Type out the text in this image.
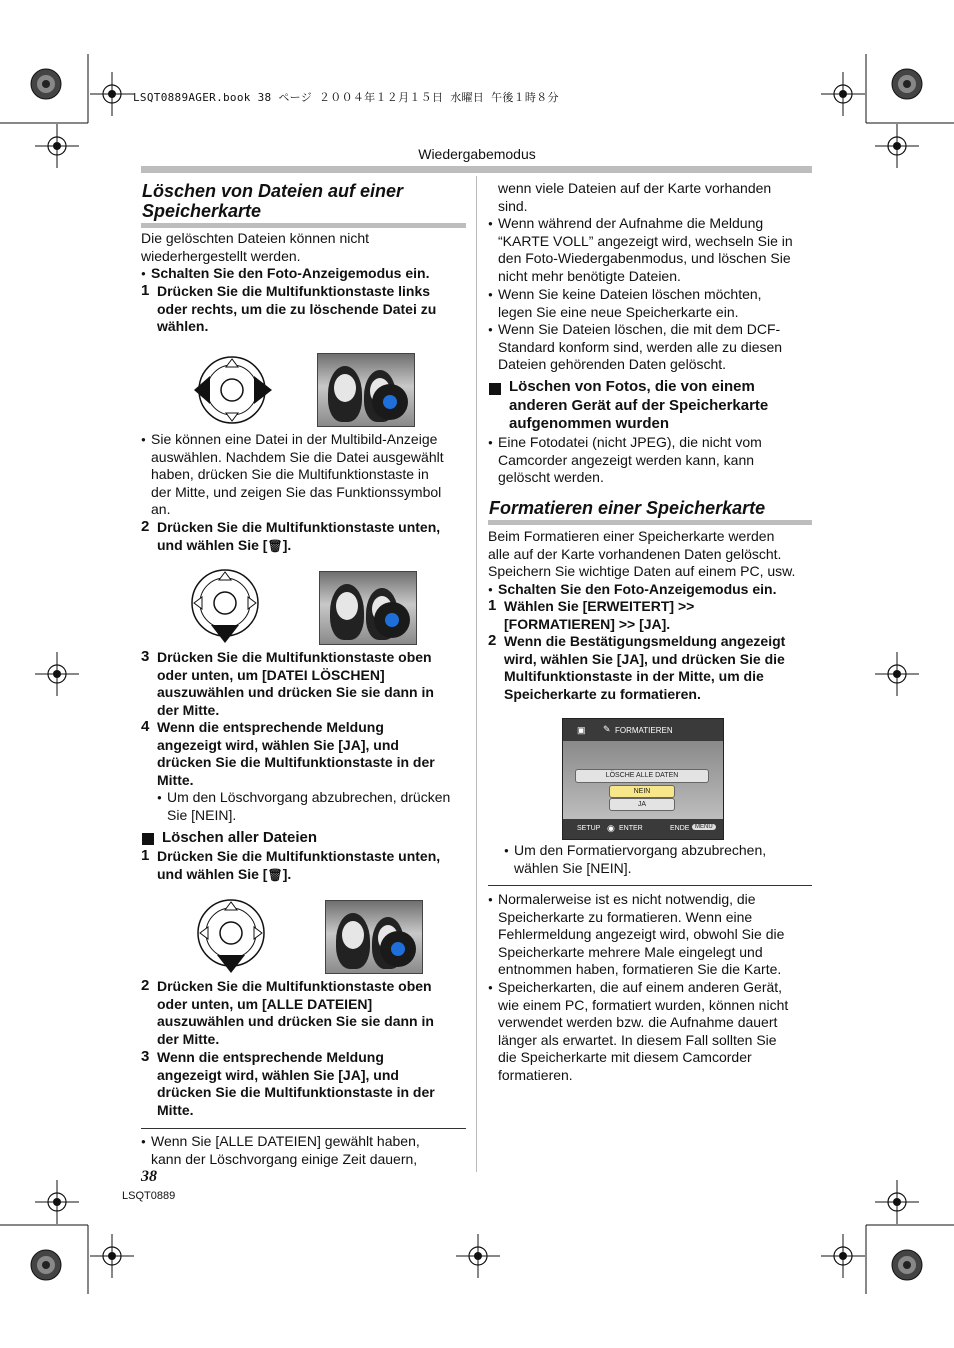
LSQT0889AGER.book 38 ページ ２００４年１２月１５日 水曜日 午後１時８分
Wiedergabemodus
Löschen von Dateien auf einer
Speicherkarte
Die gelöschten Dateien können nicht
wiederhergestellt werden.
● Schalten Sie den Foto-Anzeigemodus ein.
1 Drücken Sie die Multifunktionstaste links
oder rechts, um die zu löschende Datei zu
wählen.
● Sie können eine Datei in der Multibild-Anzeige
auswählen. Nachdem Sie die Datei ausgewählt
haben, drücken Sie die Multifunktionstaste in
der Mitte, und zeigen Sie das Funktionssymbol
an.
2 Drücken Sie die Multifunktionstaste unten,
und wählen Sie [🗑].
3 Drücken Sie die Multifunktionstaste oben
oder unten, um [DATEI LÖSCHEN]
auszuwählen und drücken Sie sie dann in
der Mitte.
4 Wenn die entsprechende Meldung
angezeigt wird, wählen Sie [JA], und
drücken Sie die Multifunktionstaste in der
Mitte.
● Um den Löschvorgang abzubrechen, drücken
Sie [NEIN].
Löschen aller Dateien
1 Drücken Sie die Multifunktionstaste unten,
und wählen Sie [🗑].
2 Drücken Sie die Multifunktionstaste oben
oder unten, um [ALLE DATEIEN]
auszuwählen und drücken Sie sie dann in
der Mitte.
3 Wenn die entsprechende Meldung
angezeigt wird, wählen Sie [JA], und
drücken Sie die Multifunktionstaste in der
Mitte.
● Wenn Sie [ALLE DATEIEN] gewählt haben,
kann der Löschvorgang einige Zeit dauern,
wenn viele Dateien auf der Karte vorhanden
sind.
● Wenn während der Aufnahme die Meldung
“KARTE VOLL” angezeigt wird, wechseln Sie in
den Foto-Wiedergabenmodus, und löschen Sie
nicht mehr benötigte Dateien.
● Wenn Sie keine Dateien löschen möchten,
legen Sie eine neue Speicherkarte ein.
● Wenn Sie Dateien löschen, die mit dem DCF-
Standard konform sind, werden alle zu diesen
Dateien gehörenden Daten gelöscht.
Löschen von Fotos, die von einem
anderen Gerät auf der Speicherkarte
aufgenommen wurden
● Eine Fotodatei (nicht JPEG), die nicht vom
Camcorder angezeigt werden kann, kann
gelöscht werden.
Formatieren einer Speicherkarte
Beim Formatieren einer Speicherkarte werden
alle auf der Karte vorhandenen Daten gelöscht.
Speichern Sie wichtige Daten auf einem PC, usw.
● Schalten Sie den Foto-Anzeigemodus ein.
1 Wählen Sie [ERWEITERT] >>
[FORMATIEREN] >> [JA].
2 Wenn die Bestätigungsmeldung angezeigt
wird, wählen Sie [JA], und drücken Sie die
Multifunktionstaste in der Mitte, um die
Speicherkarte zu formatieren.
▣ ✎ FORMATIEREN
LÖSCHE ALLE DATEN
NEIN
JA
SETUP ◉ ENTER	ENDE MENU
● Um den Formatiervorgang abzubrechen,
wählen Sie [NEIN].
● Normalerweise ist es nicht notwendig, die
Speicherkarte zu formatieren. Wenn eine
Fehlermeldung angezeigt wird, obwohl Sie die
Speicherkarte mehrere Male eingelegt und
entnommen haben, formatieren Sie die Karte.
● Speicherkarten, die auf einem anderen Gerät,
wie einem PC, formatiert wurden, können nicht
verwendet werden bzw. die Aufnahme dauert
länger als erwartet. In diesem Fall sollten Sie
die Speicherkarte mit diesem Camcorder
formatieren.
38
LSQT0889
